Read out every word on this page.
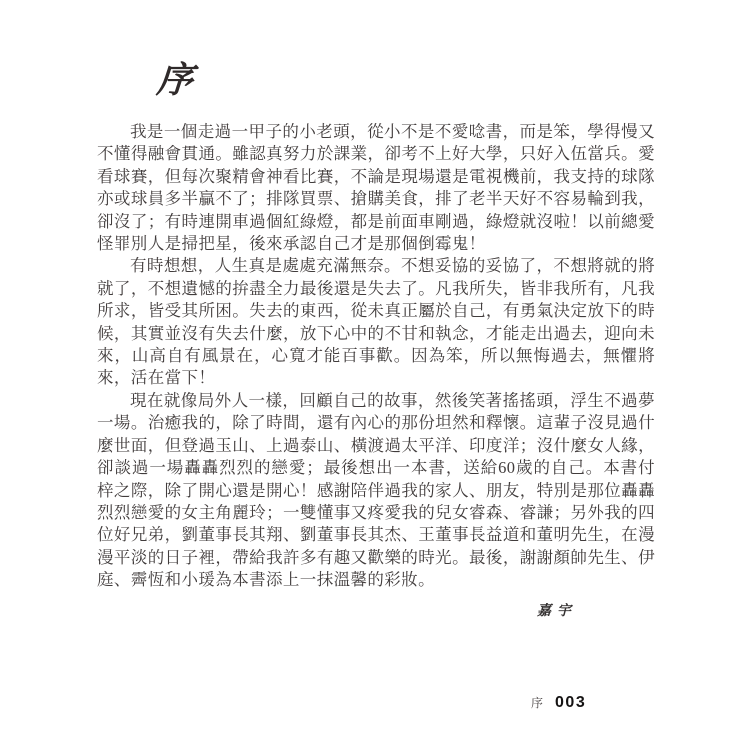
序

我是一個走過一甲子的小老頭，從小不是不愛唸書，而是笨，學得慢又不懂得融會貫通。雖認真努力於課業，卻考不上好大學，只好入伍當兵。愛看球賽，但每次聚精會神看比賽，不論是現場還是電視機前，我支持的球隊亦或球員多半贏不了；排隊買票、搶購美食，排了老半天好不容易輪到我，卻沒了；有時連開車過個紅綠燈，都是前面車剛過，綠燈就沒啦！以前總愛怪罪別人是掃把星，後來承認自己才是那個倒霉鬼！

有時想想，人生真是處處充滿無奈。不想妥協的妥協了，不想將就的將就了，不想遺憾的拚盡全力最後還是失去了。凡我所失，皆非我所有，凡我所求，皆受其所困。失去的東西，從未真正屬於自己，有勇氣決定放下的時候，其實並沒有失去什麼，放下心中的不甘和執念，才能走出過去，迎向未來，山高自有風景在，心寬才能百事歡。因為笨，所以無悔過去，無懼將來，活在當下！

現在就像局外人一樣，回顧自己的故事，然後笑著搖搖頭，浮生不過夢一場。治癒我的，除了時間，還有內心的那份坦然和釋懷。這輩子沒見過什麼世面，但登過玉山、上過泰山、橫渡過太平洋、印度洋；沒什麼女人緣，卻談過一場轟轟烈烈的戀愛；最後想出一本書，送給60歲的自己。本書付梓之際，除了開心還是開心！感謝陪伴過我的家人、朋友，特別是那位轟轟烈烈戀愛的女主角麗玲；一雙懂事又疼愛我的兒女睿森、睿謙；另外我的四位好兄弟，劉董事長其翔、劉董事長其杰、王董事長益道和董明先生，在漫漫平淡的日子裡，帶給我許多有趣又歡樂的時光。最後，謝謝顏帥先生、伊庭、霽恆和小瑗為本書添上一抹溫馨的彩妝。

嘉宇
序 003
